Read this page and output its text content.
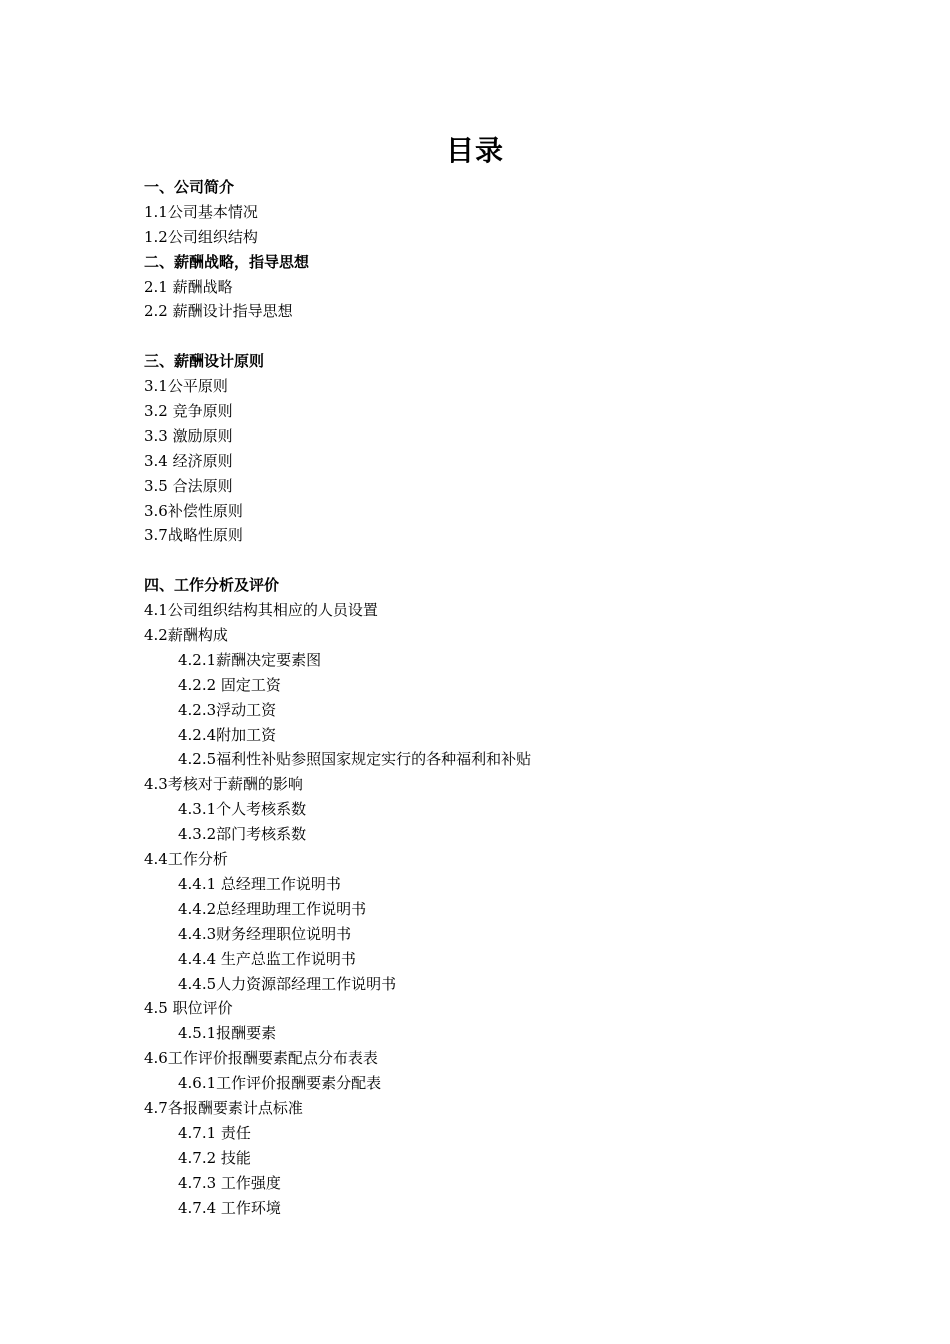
目录
一、公司简介
1.1公司基本情况
1.2公司组织结构
二、薪酬战略，指导思想
2.1 薪酬战略
2.2 薪酬设计指导思想
三、薪酬设计原则
3.1公平原则
3.2 竞争原则
3.3 激励原则
3.4 经济原则
3.5 合法原则
3.6补偿性原则
3.7战略性原则
四、工作分析及评价
4.1公司组织结构其相应的人员设置
4.2薪酬构成
4.2.1薪酬决定要素图
4.2.2 固定工资
4.2.3浮动工资
4.2.4附加工资
4.2.5福利性补贴参照国家规定实行的各种福利和补贴
4.3考核对于薪酬的影响
4.3.1个人考核系数
4.3.2部门考核系数
4.4工作分析
4.4.1 总经理工作说明书
4.4.2总经理助理工作说明书
4.4.3财务经理职位说明书
4.4.4 生产总监工作说明书
4.4.5人力资源部经理工作说明书
4.5 职位评价
4.5.1报酬要素
4.6工作评价报酬要素配点分布表表
4.6.1工作评价报酬要素分配表
4.7各报酬要素计点标准
4.7.1 责任
4.7.2 技能
4.7.3 工作强度
4.7.4 工作环境
